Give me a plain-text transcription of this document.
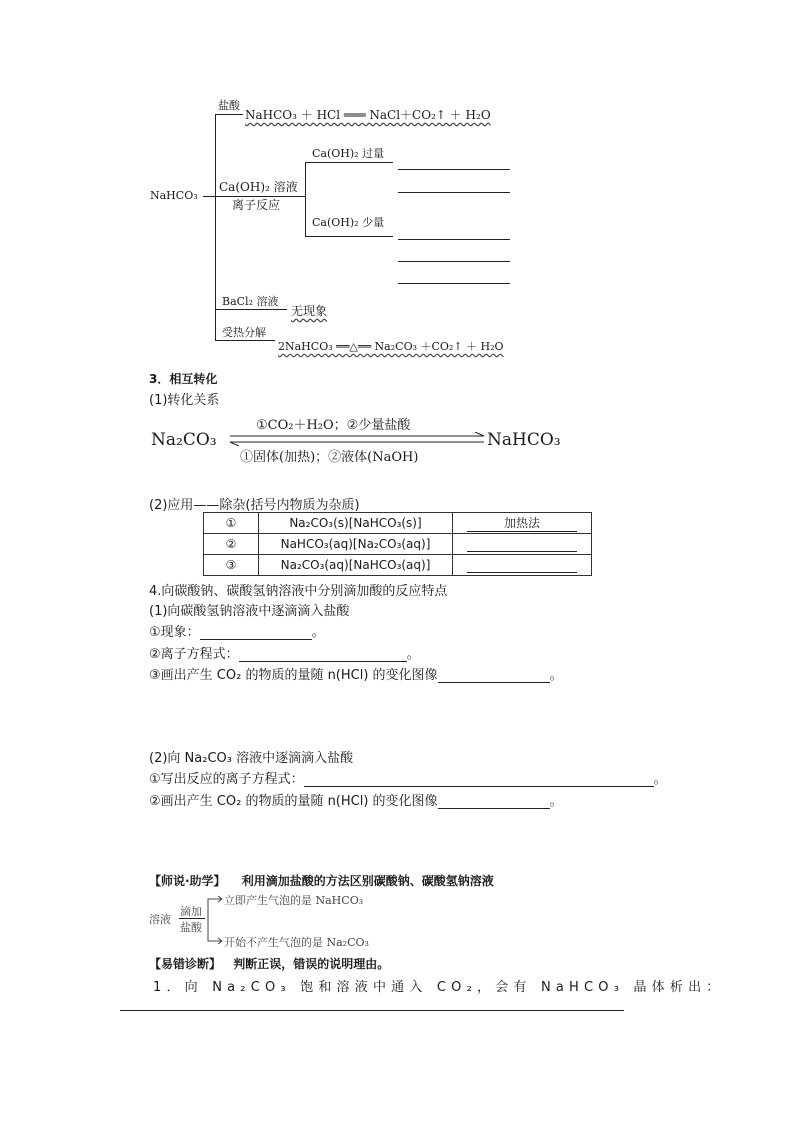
NaHCO₃
盐酸
NaHCO₃ ＋ HCl ═══ NaCl＋CO₂↑ ＋ H₂O
Ca(OH)₂ 溶液
离子反应
Ca(OH)₂ 过量
Ca(OH)₂ 少量
BaCl₂ 溶液
无现象
受热分解
2NaHCO₃ ══△══ Na₂CO₃ ＋CO₂↑ ＋ H₂O
3．相互转化
(1)转化关系
Na₂CO₃
①CO₂＋H₂O；②少量盐酸
①固体(加热)；②液体(NaOH)
NaHCO₃
(2)应用——除杂(括号内物质为杂质)
①	Na₂CO₃(s)[NaHCO₃(s)]	加热法
②	NaHCO₃(aq)[Na₂CO₃(aq)]	
③	Na₂CO₃(aq)[NaHCO₃(aq)]	
4.向碳酸钠、碳酸氢钠溶液中分别滴加酸的反应特点
(1)向碳酸氢钠溶液中逐滴滴入盐酸
①现象：	。
②离子方程式：	。
③画出产生 CO₂ 的物质的量随 n(HCl) 的变化图像	。
(2)向 Na₂CO₃ 溶液中逐滴滴入盐酸
①写出反应的离子方程式：	。
②画出产生 CO₂ 的物质的量随 n(HCl) 的变化图像	。
【师说·助学】 利用滴加盐酸的方法区别碳酸钠、碳酸氢钠溶液
溶液
滴加
盐酸
立即产生气泡的是 NaHCO₃
开始不产生气泡的是 Na₂CO₃
【易错诊断】 判断正误，错误的说明理由。
1．向 Na₂CO₃ 饱和溶液中通入 CO₂，会有 NaHCO₃ 晶体析出：
